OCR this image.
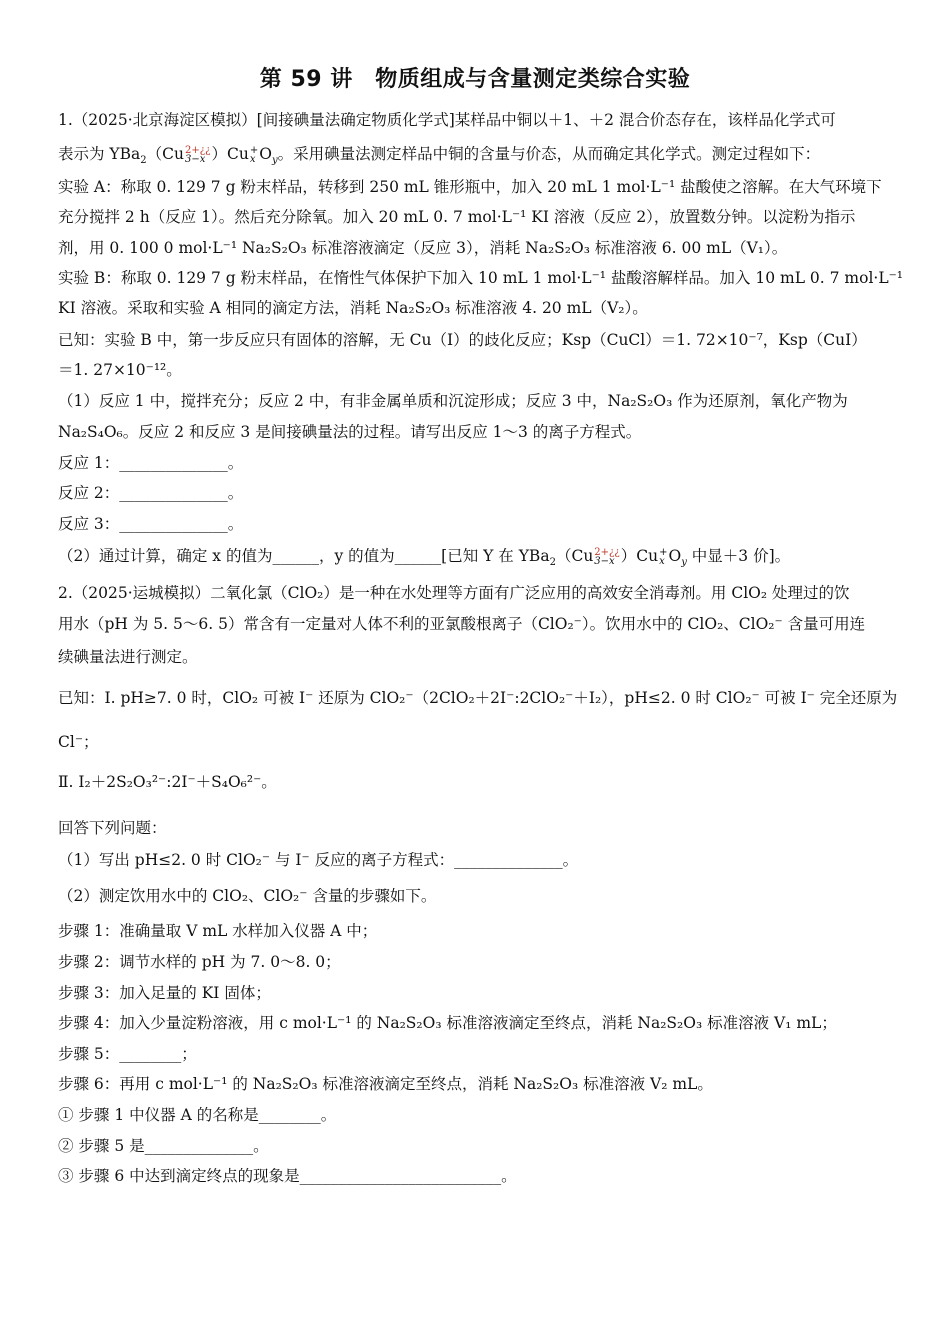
第 59 讲　物质组成与含量测定类综合实验
1.（2025·北京海淀区模拟）[间接碘量法确定物质化学式]某样品中铜以＋1、＋2 混合价态存在，该样品化学式可
表示为 YBa$_2$（Cu 2+¿¿
3−x ）Cu +
x $O_y$。采用碘量法测定样品中铜的含量与价态，从而确定其化学式。测定过程如下：
实验 A：称取 0. 129 7 g 粉末样品，转移到 250 mL 锥形瓶中，加入 20 mL 1 mol·L⁻¹ 盐酸使之溶解。在大气环境下
充分搅拌 2 h（反应 1）。然后充分除氧。加入 20 mL 0. 7 mol·L⁻¹ KI 溶液（反应 2），放置数分钟。以淀粉为指示
剂，用 0. 100 0 mol·L⁻¹ Na₂S₂O₃ 标准溶液滴定（反应 3），消耗 Na₂S₂O₃ 标准溶液 6. 00 mL（V₁）。
实验 B：称取 0. 129 7 g 粉末样品，在惰性气体保护下加入 10 mL 1 mol·L⁻¹ 盐酸溶解样品。加入 10 mL 0. 7 mol·L⁻¹
KI 溶液。采取和实验 A 相同的滴定方法，消耗 Na₂S₂O₃ 标准溶液 4. 20 mL（V₂）。
已知：实验 B 中，第一步反应只有固体的溶解，无 Cu（Ⅰ）的歧化反应；Ksp（CuCl）＝1. 72×10⁻⁷，Ksp（CuI）
＝1. 27×10⁻¹²。
（1）反应 1 中，搅拌充分；反应 2 中，有非金属单质和沉淀形成；反应 3 中，Na₂S₂O₃ 作为还原剂，氧化产物为
Na₂S₄O₆。反应 2 和反应 3 是间接碘量法的过程。请写出反应 1～3 的离子方程式。
反应 1：______________。
反应 2：______________。
反应 3：______________。
（2）通过计算，确定 x 的值为______，y 的值为______[已知 Y 在 YBa$_2$（Cu 2+¿¿
3−x ）Cu +
x $O_y$ 中显＋3 价]。
2.（2025·运城模拟）二氧化氯（ClO₂）是一种在水处理等方面有广泛应用的高效安全消毒剂。用 ClO₂ 处理过的饮
用水（pH 为 5. 5～6. 5）常含有一定量对人体不利的亚氯酸根离子（ClO₂⁻）。饮用水中的 ClO₂、ClO₂⁻ 含量可用连
续碘量法进行测定。
已知：Ⅰ. pH≥7. 0 时，ClO₂ 可被 I⁻ 还原为 ClO₂⁻（2ClO₂＋2I⁻:2ClO₂⁻＋I₂），pH≤2. 0 时 ClO₂⁻ 可被 I⁻ 完全还原为
Cl⁻；
Ⅱ. I₂＋2S₂O₃²⁻:2I⁻＋S₄O₆²⁻。
回答下列问题：
（1）写出 pH≤2. 0 时 ClO₂⁻ 与 I⁻ 反应的离子方程式：______________。
（2）测定饮用水中的 ClO₂、ClO₂⁻ 含量的步骤如下。
步骤 1：准确量取 V mL 水样加入仪器 A 中；
步骤 2：调节水样的 pH 为 7. 0～8. 0；
步骤 3：加入足量的 KI 固体；
步骤 4：加入少量淀粉溶液，用 c mol·L⁻¹ 的 Na₂S₂O₃ 标准溶液滴定至终点，消耗 Na₂S₂O₃ 标准溶液 V₁ mL；
步骤 5：________；
步骤 6：再用 c mol·L⁻¹ 的 Na₂S₂O₃ 标准溶液滴定至终点，消耗 Na₂S₂O₃ 标准溶液 V₂ mL。
① 步骤 1 中仪器 A 的名称是________。
② 步骤 5 是______________。
③ 步骤 6 中达到滴定终点的现象是__________________________。
